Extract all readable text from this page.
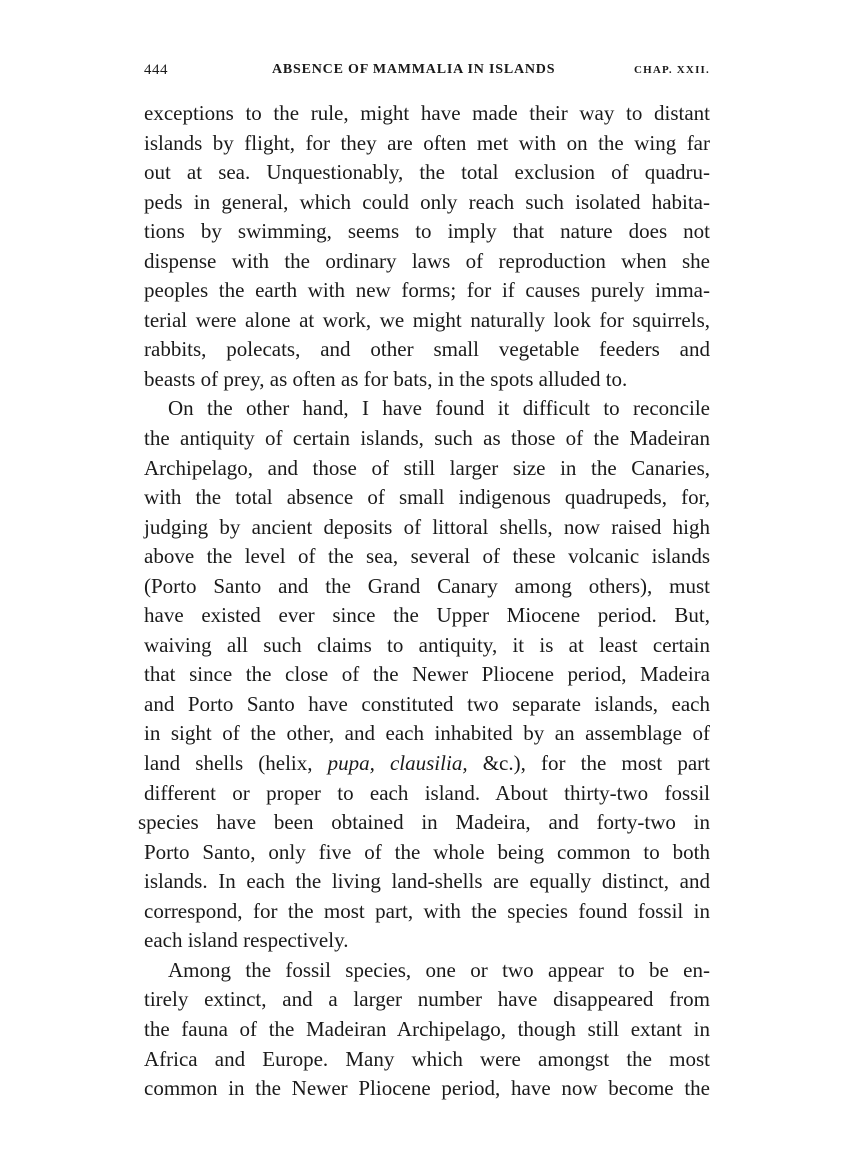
444	ABSENCE OF MAMMALIA IN ISLANDS	CHAP. XXII.
exceptions to the rule, might have made their way to distant
islands by flight, for they are often met with on the wing far
out at sea. Unquestionably, the total exclusion of quadru-
peds in general, which could only reach such isolated habita-
tions by swimming, seems to imply that nature does not
dispense with the ordinary laws of reproduction when she
peoples the earth with new forms; for if causes purely imma-
terial were alone at work, we might naturally look for squirrels,
rabbits, polecats, and other small vegetable feeders and
beasts of prey, as often as for bats, in the spots alluded to.
On the other hand, I have found it difficult to reconcile
the antiquity of certain islands, such as those of the Madeiran
Archipelago, and those of still larger size in the Canaries,
with the total absence of small indigenous quadrupeds, for,
judging by ancient deposits of littoral shells, now raised high
above the level of the sea, several of these volcanic islands
(Porto Santo and the Grand Canary among others), must
have existed ever since the Upper Miocene period. But,
waiving all such claims to antiquity, it is at least certain
that since the close of the Newer Pliocene period, Madeira
and Porto Santo have constituted two separate islands, each
in sight of the other, and each inhabited by an assemblage of
land shells (helix, pupa, clausilia, &c.), for the most part
different or proper to each island. About thirty-two fossil
species have been obtained in Madeira, and forty-two in
Porto Santo, only five of the whole being common to both
islands. In each the living land-shells are equally distinct, and
correspond, for the most part, with the species found fossil in
each island respectively.
Among the fossil species, one or two appear to be en-
tirely extinct, and a larger number have disappeared from
the fauna of the Madeiran Archipelago, though still extant in
Africa and Europe. Many which were amongst the most
common in the Newer Pliocene period, have now become the
